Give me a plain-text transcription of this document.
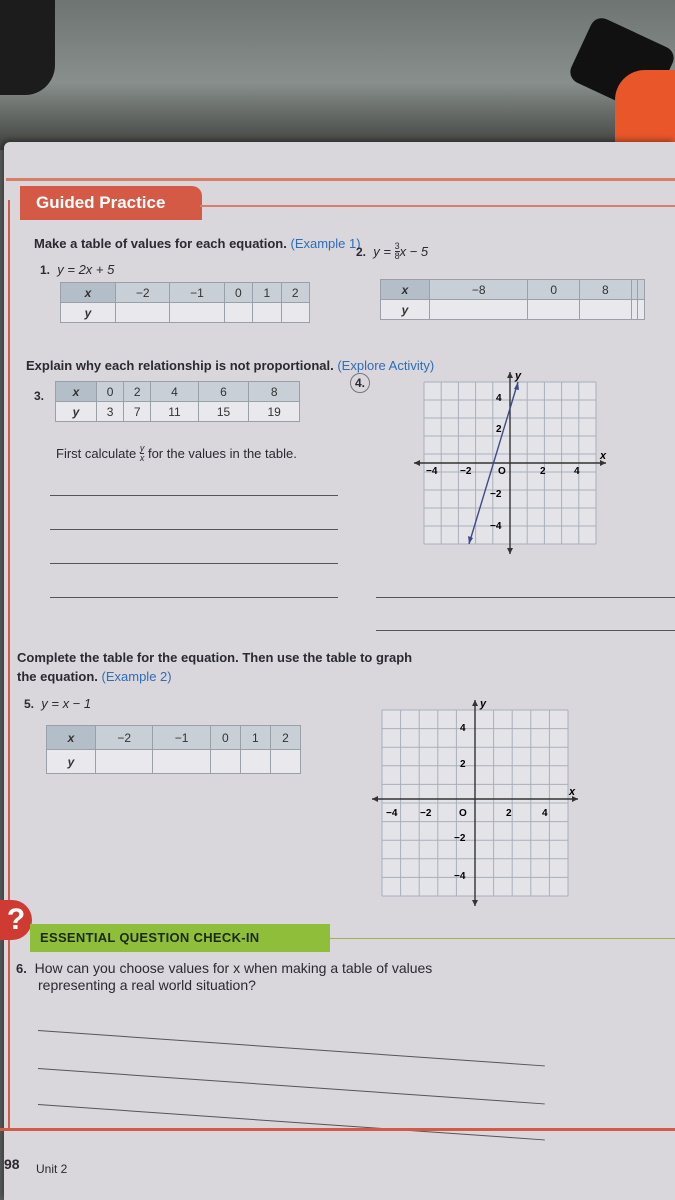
Guided Practice
Make a table of values for each equation. (Example 1)
1. y = 2x + 5
x	−2	−1	0	1	2
y					
2.
y =
$\frac{3}{8}$ x − 5
x	−8	0	8		
y					
Explain why each relationship is not proportional. (Explore Activity)
3. x	0	2	4	6	8
y	3	7	11	15	19
First calculate
y
x
for the values in the table.
4.
x
y
−4 −2	O	2	4
4
2
−2
−4
Complete the table for the equation. Then use the table to graph
the equation. (Example 2)
5. y = x − 1
x	−2	−1	0	1	2
y					
x
y
−4 −2	O	2	4
4
2
−2
−4
?
ESSENTIAL QUESTION CHECK-IN
6. How can you choose values for x when making a table of values
representing a real world situation?
98 Unit 2
